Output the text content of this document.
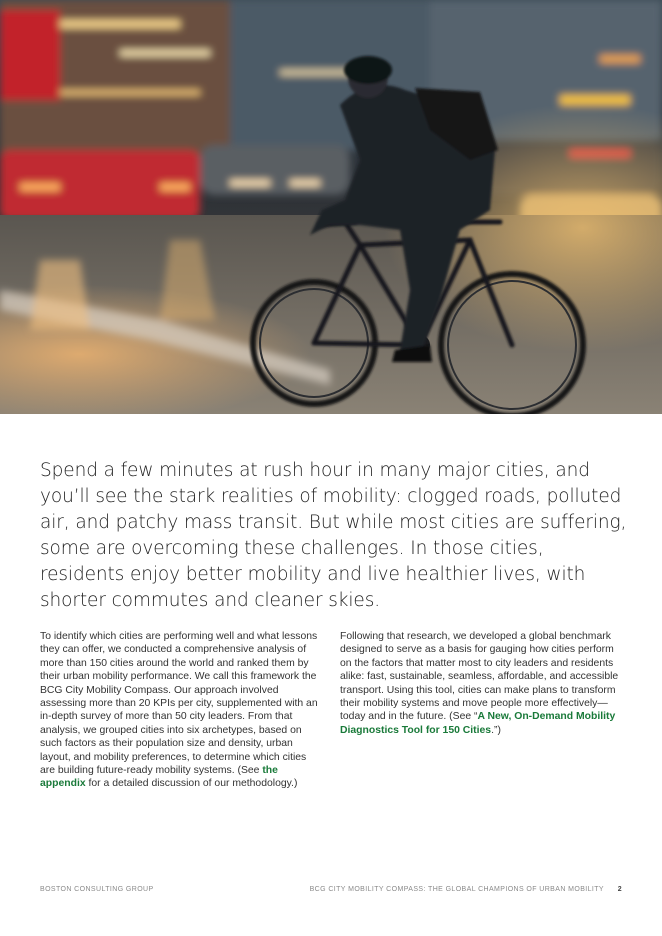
Spend a few minutes at rush hour in many major cities, and you’ll see the stark realities of mobility: clogged roads, polluted air, and patchy mass transit. But while most cities are suffering, some are overcoming these challenges. In those cities, residents enjoy better mobility and live healthier lives, with shorter commutes and cleaner skies.

To identify which cities are performing well and what lessons they can offer, we conducted a comprehensive analysis of more than 150 cities around the world and ranked them by their urban mobility performance. We call this framework the BCG City Mobility Compass. Our approach involved assessing more than 20 KPIs per city, supplemented with an in-depth survey of more than 50 city leaders. From that analysis, we grouped cities into six archetypes, based on such factors as their population size and density, urban layout, and mobility preferences, to determine which cities are building future-ready mobility systems. (See the appendix for a detailed discussion of our methodology.)

Following that research, we developed a global benchmark designed to serve as a basis for gauging how cities perform on the factors that matter most to city leaders and residents alike: fast, sustainable, seamless, affordable, and accessible transport. Using this tool, cities can make plans to transform their mobility systems and move people more effectively—today and in the future. (See “A New, On-Demand Mobility Diagnostics Tool for 150 Cities.”)

BOSTON CONSULTING GROUP	BCG CITY MOBILITY COMPASS: THE GLOBAL CHAMPIONS OF URBAN MOBILITY 2
